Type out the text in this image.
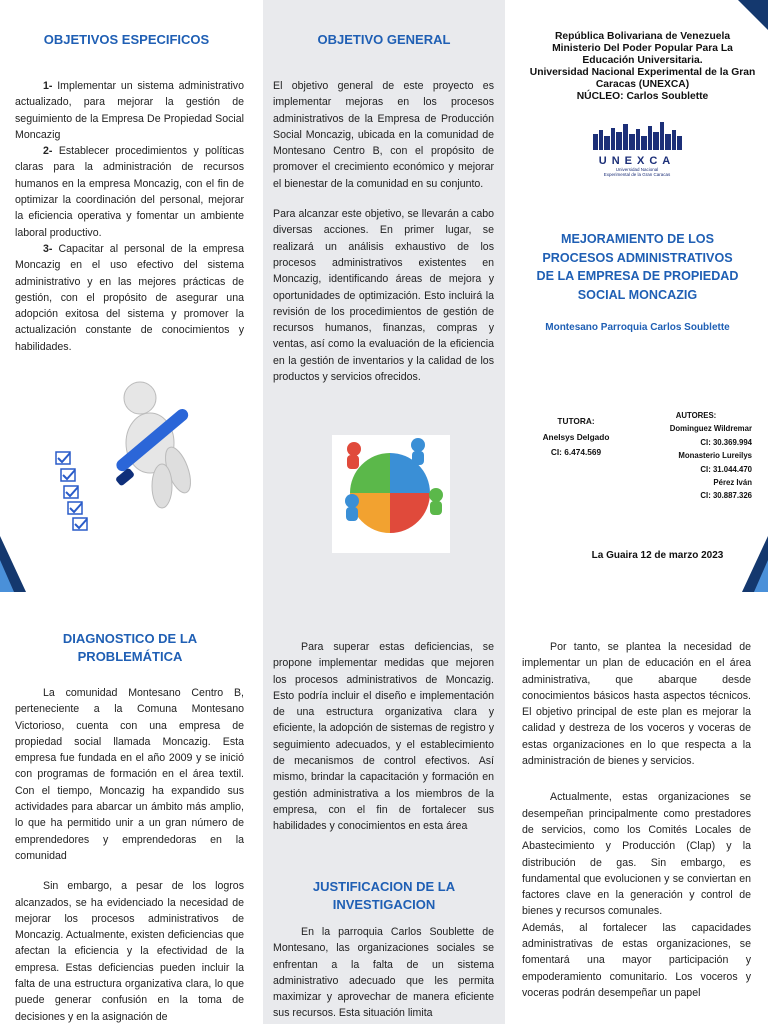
OBJETIVOS ESPECIFICOS

1- Implementar un sistema administrativo actualizado, para mejorar la gestión de seguimiento de la Empresa De Propiedad Social Moncazig

2- Establecer procedimientos y políticas claras para la administración de recursos humanos en la empresa Moncazig, con el fin de optimizar la coordinación del personal, mejorar la eficiencia operativa y fomentar un ambiente laboral productivo.

3- Capacitar al personal de la empresa Moncazig en el uso efectivo del sistema administrativo y en las mejores prácticas de gestión, con el propósito de asegurar una adopción exitosa del sistema y promover la actualización constante de conocimientos y habilidades.

OBJETIVO GENERAL

El objetivo general de este proyecto es implementar mejoras en los procesos administrativos de la Empresa de Producción Social Moncazig, ubicada en la comunidad de Montesano Centro B, con el propósito de promover el crecimiento económico y mejorar el bienestar de la comunidad en su conjunto.

Para alcanzar este objetivo, se llevarán a cabo diversas acciones. En primer lugar, se realizará un análisis exhaustivo de los procesos administrativos existentes en Moncazig, identificando áreas de mejora y oportunidades de optimización. Esto incluirá la revisión de los procedimientos de gestión de recursos humanos, finanzas, compras y ventas, así como la evaluación de la eficiencia en la gestión de inventarios y la calidad de los productos y servicios ofrecidos.

República Bolivariana de Venezuela
Ministerio Del Poder Popular Para La Educación Universitaria.
Universidad Nacional Experimental de la Gran Caracas (UNEXCA)
NÚCLEO: Carlos Soublette
UNEXCA
Universidad Nacional Experimental de la Gran Caracas
MEJORAMIENTO DE LOS PROCESOS ADMINISTRATIVOS DE LA EMPRESA DE PROPIEDAD SOCIAL MONCAZIG
Montesano Parroquia Carlos Soublette
TUTORA:
Anelsys Delgado
CI: 6.474.569
AUTORES:
Dominguez Wildremar
CI: 30.369.994
Monasterio Lureilys
CI: 31.044.470
Pérez Iván
CI: 30.887.326
La Guaira 12 de marzo 2023
DIAGNOSTICO DE LA PROBLEMÁTICA

La comunidad Montesano Centro B, perteneciente a la Comuna Montesano Victorioso, cuenta con una empresa de propiedad social llamada Moncazig. Esta empresa fue fundada en el año 2009 y se inició con programas de formación en el área textil. Con el tiempo, Moncazig ha expandido sus actividades para abarcar un ámbito más amplio, lo que ha permitido unir a un gran número de emprendedores y emprendedoras en la comunidad

Sin embargo, a pesar de los logros alcanzados, se ha evidenciado la necesidad de mejorar los procesos administrativos de Moncazig. Actualmente, existen deficiencias que afectan la eficiencia y la efectividad de la empresa. Estas deficiencias pueden incluir la falta de una estructura organizativa clara, lo que puede generar confusión en la toma de decisiones y en la asignación de

Para superar estas deficiencias, se propone implementar medidas que mejoren los procesos administrativos de Moncazig. Esto podría incluir el diseño e implementación de una estructura organizativa clara y eficiente, la adopción de sistemas de registro y seguimiento adecuados, y el establecimiento de mecanismos de control efectivos. Así mismo, brindar la capacitación y formación en gestión administrativa a los miembros de la empresa, con el fin de fortalecer sus habilidades y conocimientos en esta área

JUSTIFICACION DE LA INVESTIGACION

En la parroquia Carlos Soublette de Montesano, las organizaciones sociales se enfrentan a la falta de un sistema administrativo adecuado que les permita maximizar y aprovechar de manera eficiente sus recursos. Esta situación limita

Por tanto, se plantea la necesidad de implementar un plan de educación en el área administrativa, que abarque desde conocimientos básicos hasta aspectos técnicos. El objetivo principal de este plan es mejorar la calidad y destreza de los voceros y voceras de estas organizaciones en lo que respecta a la administración de bienes y servicios.

Actualmente, estas organizaciones se desempeñan principalmente como prestadores de servicios, como los Comités Locales de Abastecimiento y Producción (Clap) y la distribución de gas. Sin embargo, es fundamental que evolucionen y se conviertan en factores clave en la generación y control de bienes y recursos comunales.

Además, al fortalecer las capacidades administrativas de estas organizaciones, se fomentará una mayor participación y empoderamiento comunitario. Los voceros y voceras podrán desempeñar un papel
